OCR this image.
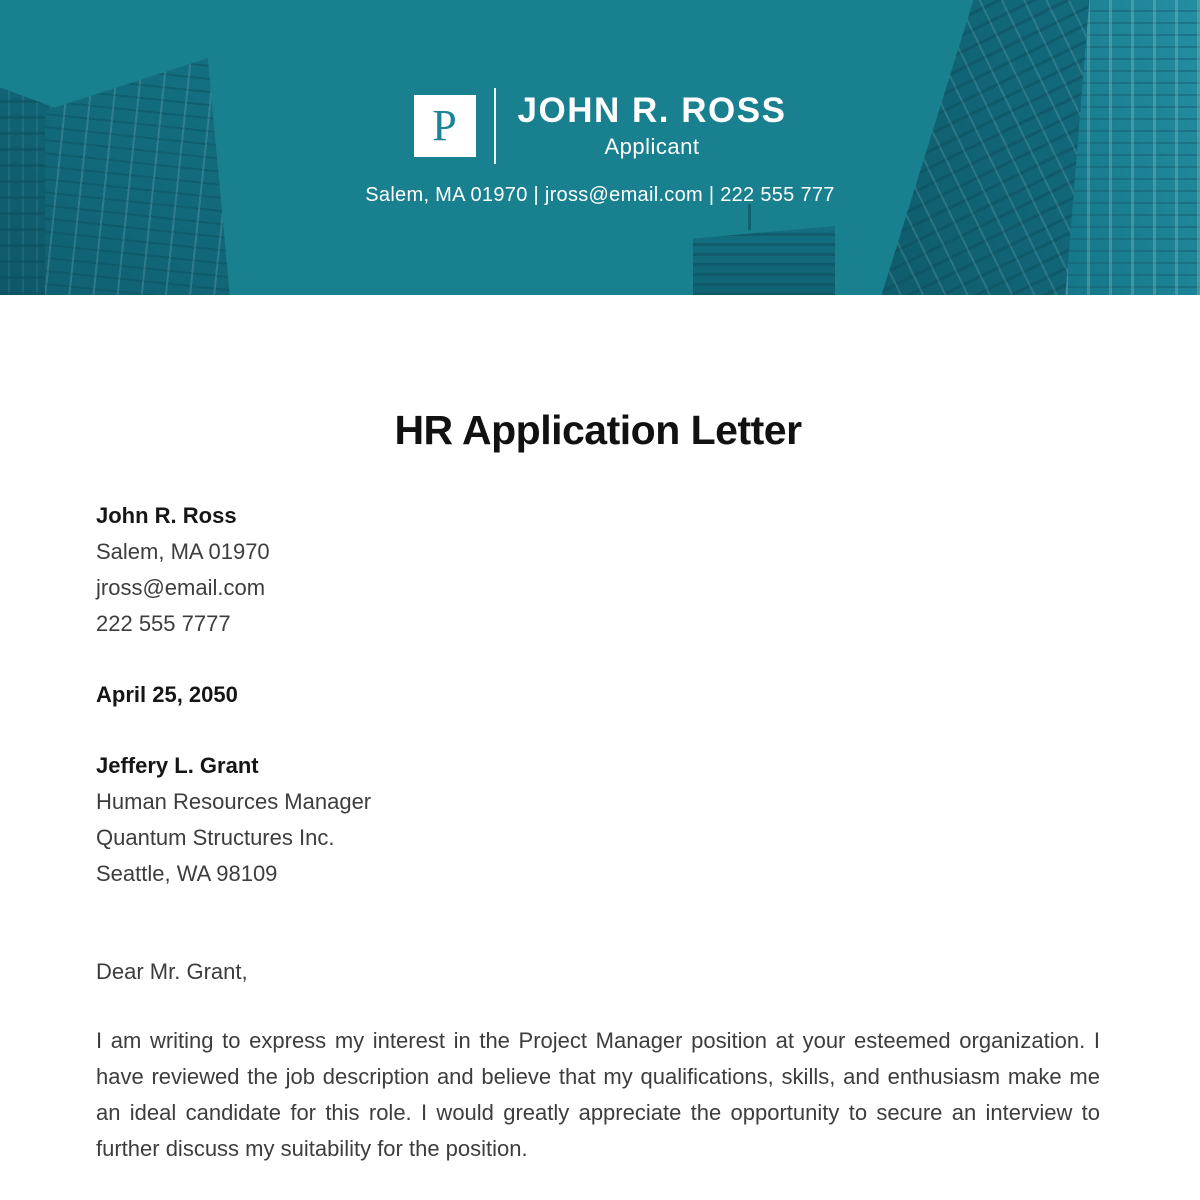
P JOHN R. ROSS
Applicant
Salem, MA 01970 | jross@email.com | 222 555 777
HR Application Letter

John R. Ross

Salem, MA 01970

jross@email.com

222 555 7777

April 25, 2050

Jeffery L. Grant

Human Resources Manager

Quantum Structures Inc.

Seattle, WA 98109

Dear Mr. Grant,

I am writing to express my interest in the Project Manager position at your esteemed organization. I have reviewed the job description and believe that my qualifications, skills, and enthusiasm make me an ideal candidate for this role. I would greatly appreciate the opportunity to secure an interview to further discuss my suitability for the position.
